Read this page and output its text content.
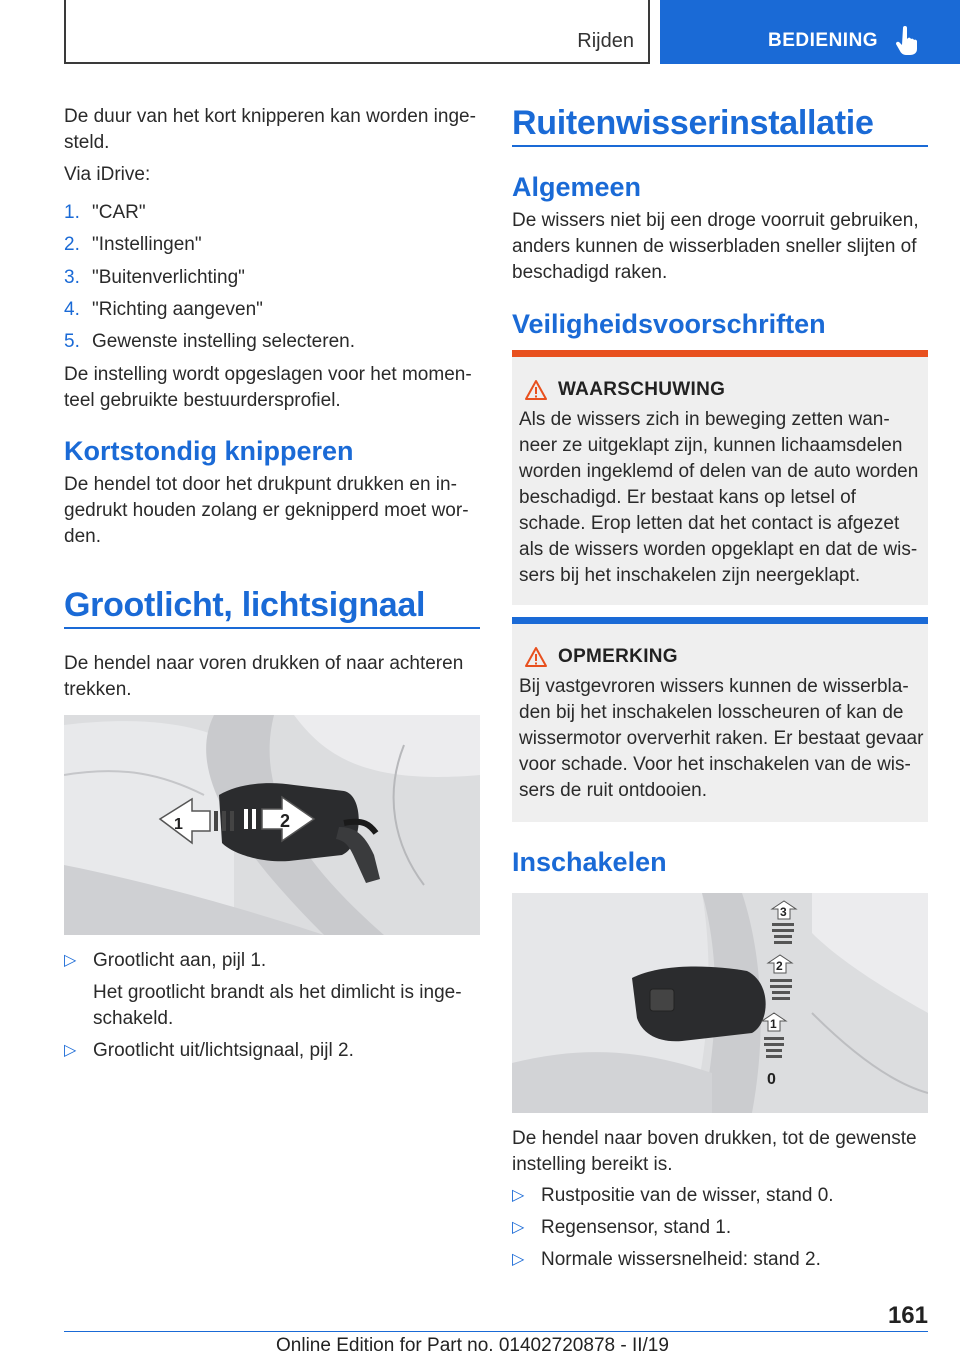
Rijden	BEDIENING
De duur van het kort knipperen kan worden inge-
steld.
Via iDrive:
1. "CAR"
2. "Instellingen"
3. "Buitenverlichting"
4. "Richting aangeven"
5. Gewenste instelling selecteren.
De instelling wordt opgeslagen voor het momen-
teel gebruikte bestuurdersprofiel.
Kortstondig knipperen
De hendel tot door het drukpunt drukken en in-
gedrukt houden zolang er geknipperd moet wor-
den.
Grootlicht, lichtsignaal
De hendel naar voren drukken of naar achteren
trekken.
1	2
▷ Grootlicht aan, pijl 1.
Het grootlicht brandt als het dimlicht is inge-
schakeld.
▷ Grootlicht uit/lichtsignaal, pijl 2.
Ruitenwisserinstallatie
Algemeen
De wissers niet bij een droge voorruit gebruiken,
anders kunnen de wisserbladen sneller slijten of
beschadigd raken.
Veiligheidsvoorschriften
WAARSCHUWING
Als de wissers zich in beweging zetten wan-
neer ze uitgeklapt zijn, kunnen lichaamsdelen
worden ingeklemd of delen van de auto worden
beschadigd. Er bestaat kans op letsel of
schade. Erop letten dat het contact is afgezet
als de wissers worden opgeklapt en dat de wis-
sers bij het inschakelen zijn neergeklapt.
OPMERKING
Bij vastgevroren wissers kunnen de wisserbla-
den bij het inschakelen losscheuren of kan de
wissermotor oververhit raken. Er bestaat gevaar
voor schade. Voor het inschakelen van de wis-
sers de ruit ontdooien.
Inschakelen
3
2
1
0
De hendel naar boven drukken, tot de gewenste
instelling bereikt is.
▷ Rustpositie van de wisser, stand 0.
▷ Regensensor, stand 1.
▷ Normale wissersnelheid: stand 2.
161
Online Edition for Part no. 01402720878 - II/19
